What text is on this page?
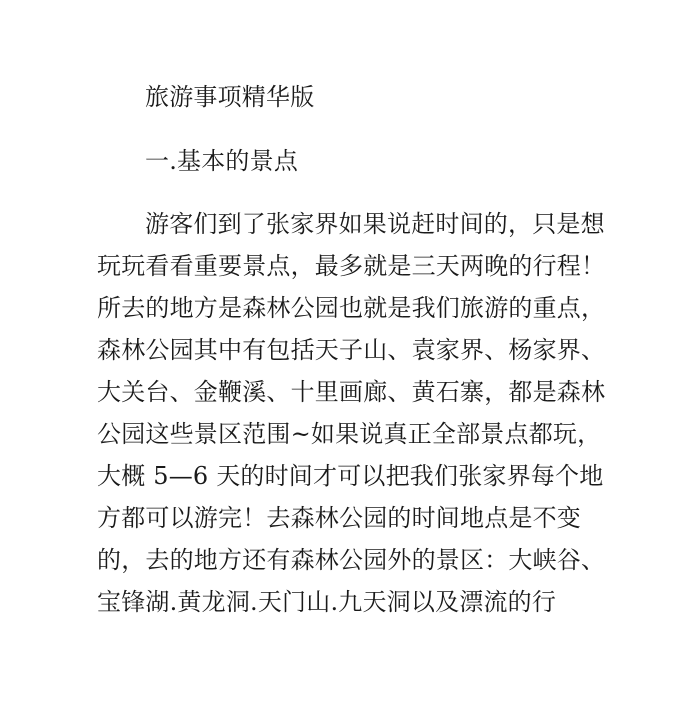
旅游事项精华版
一.基本的景点
游客们到了张家界如果说赶时间的，只是想
玩玩看看重要景点，最多就是三天两晚的行程！
所去的地方是森林公园也就是我们旅游的重点，
森林公园其中有包括天子山、袁家界、杨家界、
大关台、金鞭溪、十里画廊、黄石寨，都是森林
公园这些景区范围~如果说真正全部景点都玩，
大概 5—6 天的时间才可以把我们张家界每个地
方都可以游完！去森林公园的时间地点是不变
的，去的地方还有森林公园外的景区：大峡谷、
宝锋湖.黄龙洞.天门山.九天洞以及漂流的行
